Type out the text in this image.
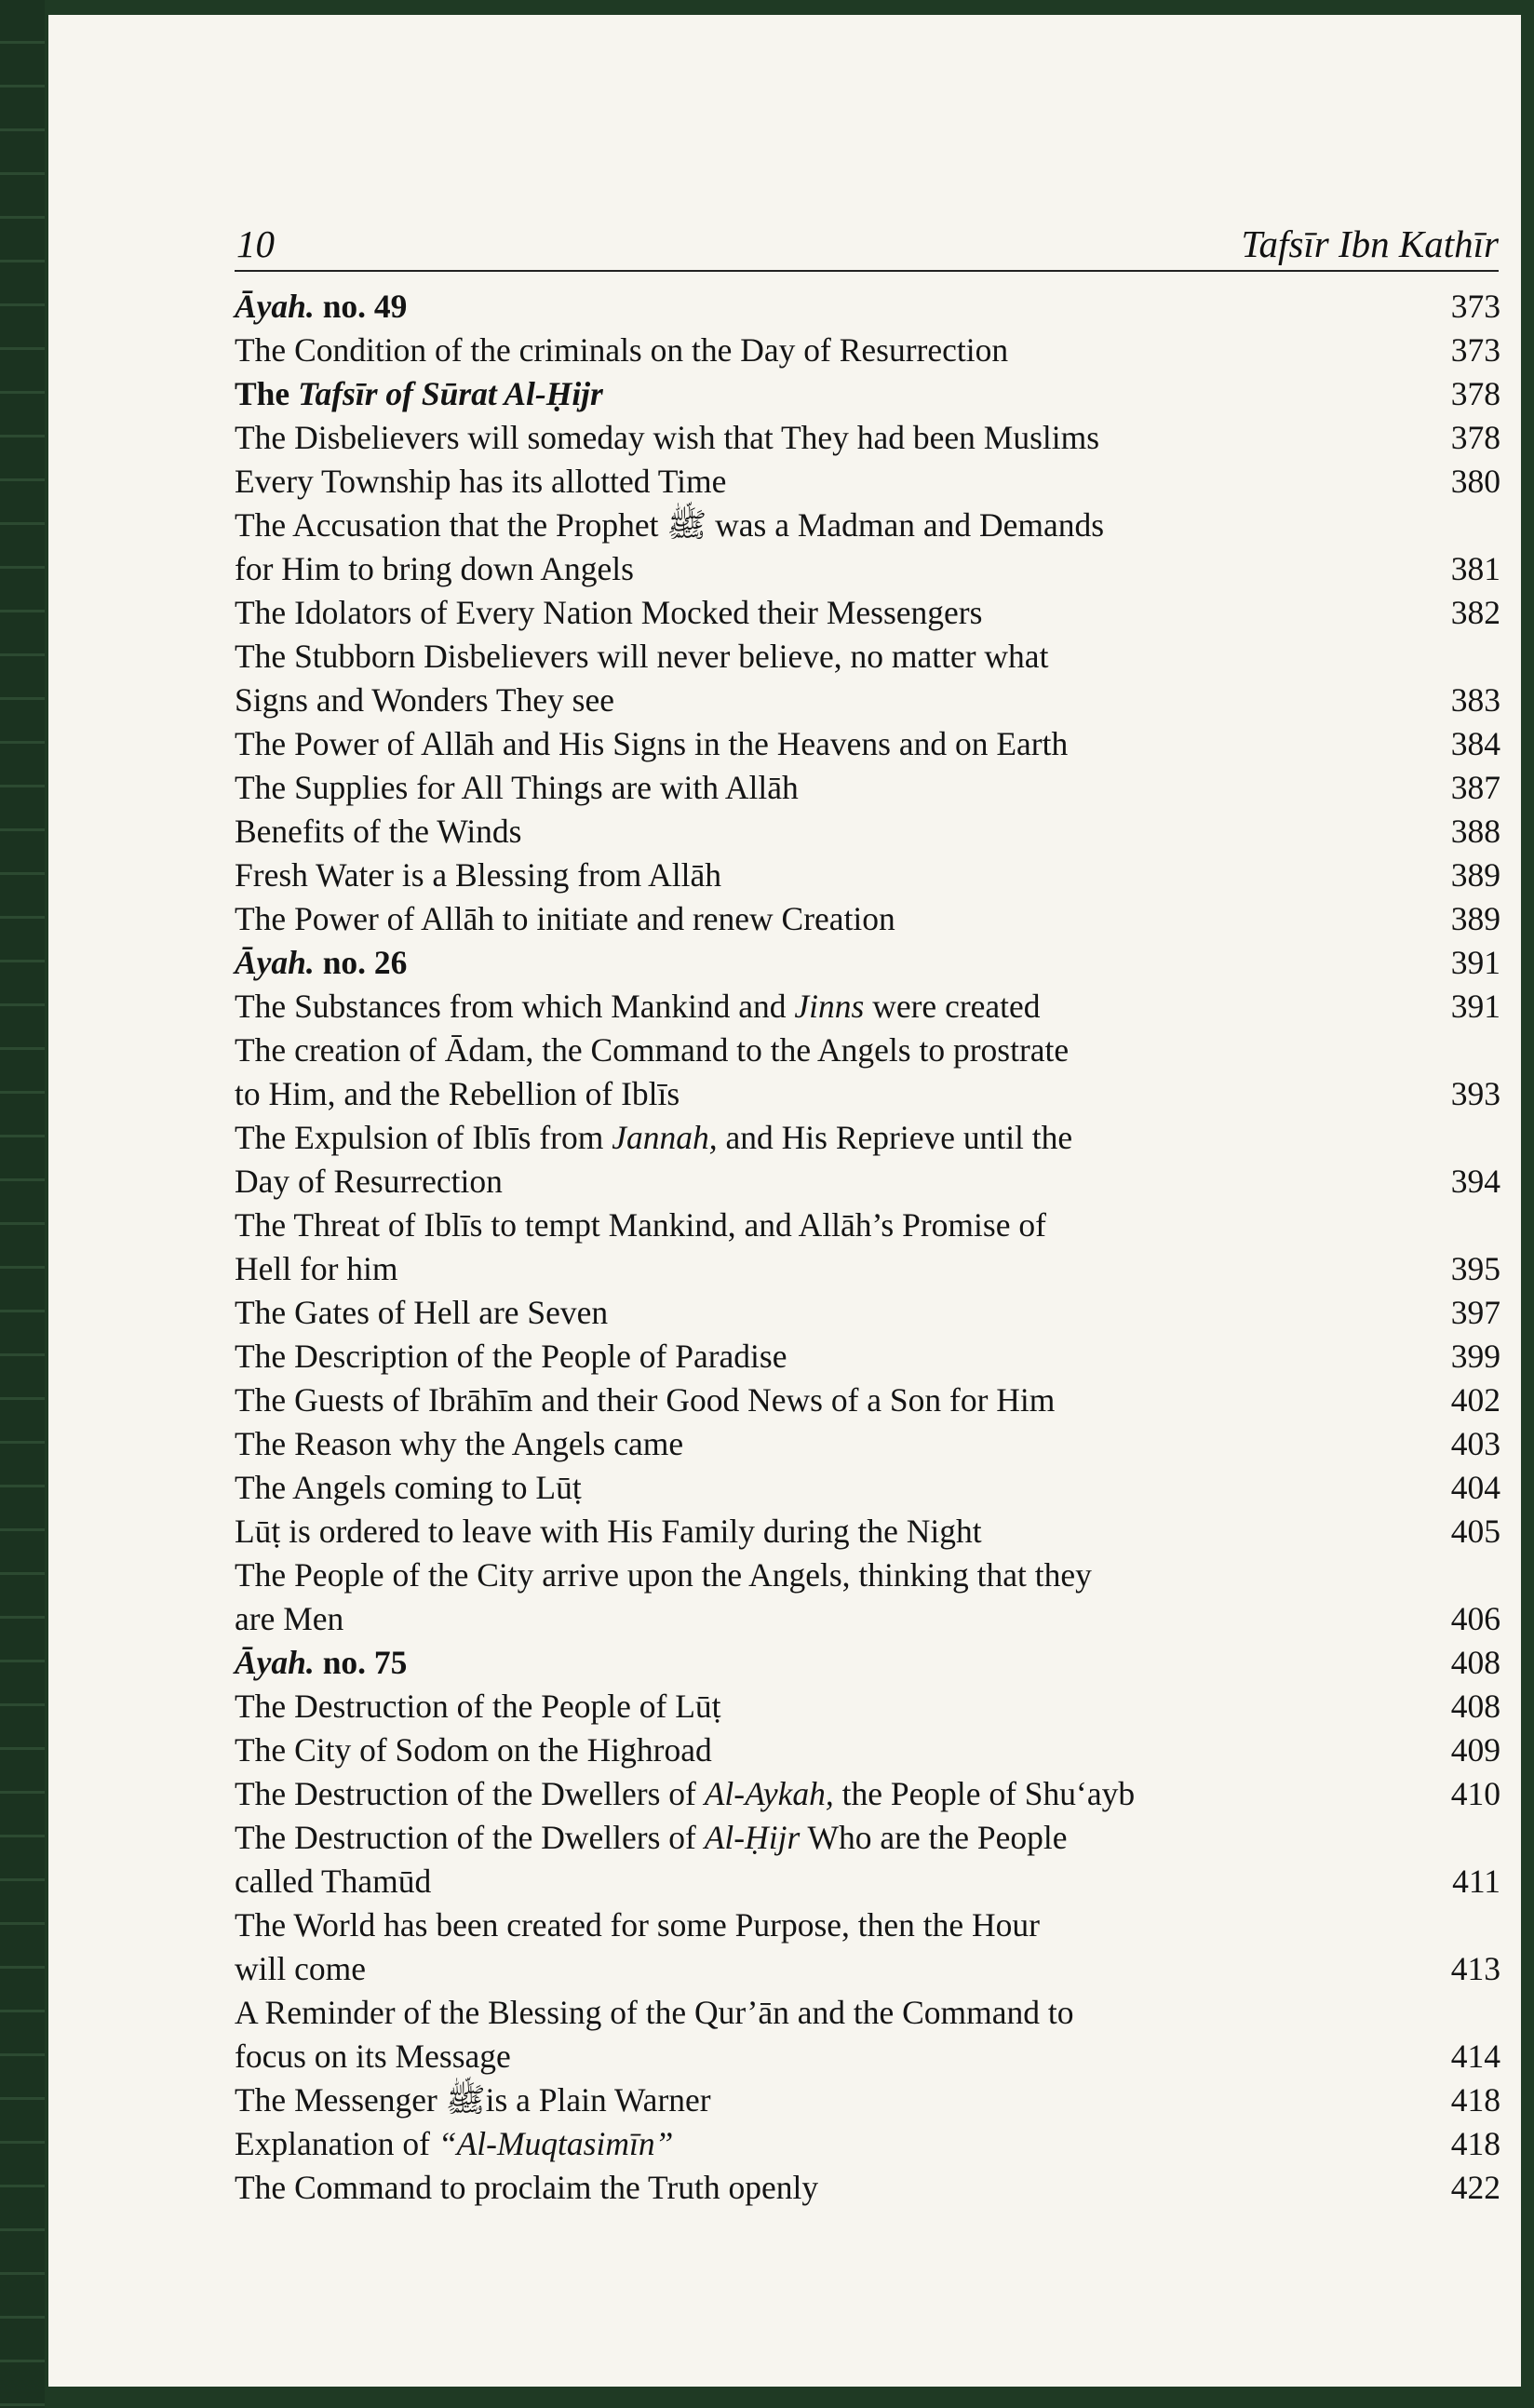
10	Tafsīr Ibn Kathīr
Āyah. no. 49	373
The Condition of the criminals on the Day of Resurrection	373
The Tafsīr of Sūrat Al-Ḥijr	378
The Disbelievers will someday wish that They had been Muslims	378
Every Township has its allotted Time	380
The Accusation that the Prophet ﷺ was a Madman and Demands
for Him to bring down Angels	381
The Idolators of Every Nation Mocked their Messengers	382
The Stubborn Disbelievers will never believe, no matter what
Signs and Wonders They see	383
The Power of Allāh and His Signs in the Heavens and on Earth	384
The Supplies for All Things are with Allāh	387
Benefits of the Winds	388
Fresh Water is a Blessing from Allāh	389
The Power of Allāh to initiate and renew Creation	389
Āyah. no. 26	391
The Substances from which Mankind and Jinns were created	391
The creation of Ādam, the Command to the Angels to prostrate
to Him, and the Rebellion of Iblīs	393
The Expulsion of Iblīs from Jannah, and His Reprieve until the
Day of Resurrection	394
The Threat of Iblīs to tempt Mankind, and Allāh’s Promise of
Hell for him	395
The Gates of Hell are Seven	397
The Description of the People of Paradise	399
The Guests of Ibrāhīm and their Good News of a Son for Him	402
The Reason why the Angels came	403
The Angels coming to Lūṭ	404
Lūṭ is ordered to leave with His Family during the Night	405
The People of the City arrive upon the Angels, thinking that they
are Men	406
Āyah. no. 75	408
The Destruction of the People of Lūṭ	408
The City of Sodom on the Highroad	409
The Destruction of the Dwellers of Al-Aykah, the People of Shu‘ayb	410
The Destruction of the Dwellers of Al-Ḥijr Who are the People
called Thamūd	411
The World has been created for some Purpose, then the Hour
will come	413
A Reminder of the Blessing of the Qur’ān and the Command to
focus on its Message	414
The Messenger ﷺis a Plain Warner	418
Explanation of “Al-Muqtasimīn”	418
The Command to proclaim the Truth openly	422
